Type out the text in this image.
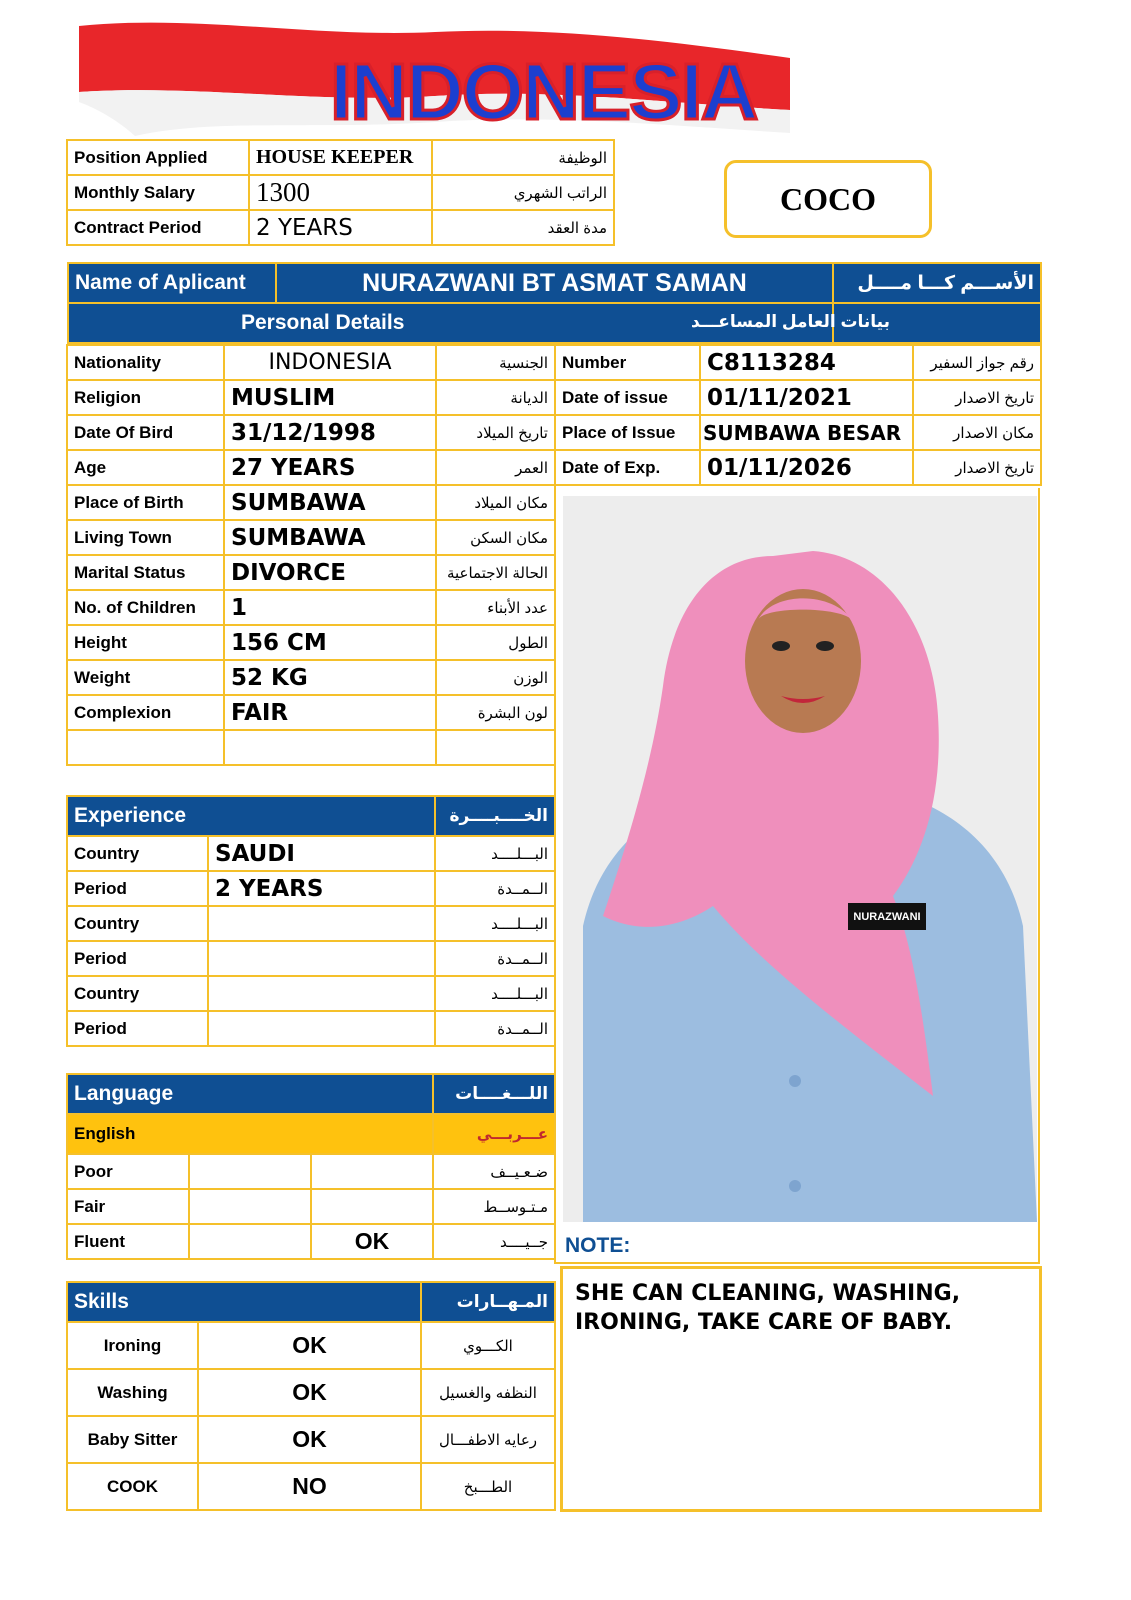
INDONESIA
Position Applied	HOUSE KEEPER	الوظيفة
Monthly Salary	1300	الراتب الشهري
Contract Period	2 YEARS	مدة العقد
COCO
Name of Aplicant	NURAZWANI BT ASMAT SAMAN	الأســـم كـــا مــــل
Personal Details			بيانات العامل المساعـــد
Nationality	INDONESIA	الجنسية
Religion	MUSLIM	الديانة
Date Of Bird	31/12/1998	تاريخ الميلاد
Age	27 YEARS	العمر
Place of Birth	SUMBAWA	مكان الميلاد
Living Town	SUMBAWA	مكان السكن
Marital Status	DIVORCE	الحالة الاجتماعية
No. of Children	1	عدد الأبناء
Height	156 CM	الطول
Weight	52 KG	الوزن
Complexion	FAIR	لون البشرة

Number	C8113284	رقم جواز السفير
Date of issue	01/11/2021	تاريخ الاصدار
Place of Issue	SUMBAWA BESAR	مكان الاصدار
Date of Exp.	01/11/2026	تاريخ الاصدار
NURAZWANI
Experience		الخــــبــــرة
Country	SAUDI	البـــلــــد
Period	2 YEARS	الــمــدة
Country		البـــلــــد
Period		الــمــدة
Country		البـــلــــد
Period		الــمــدة
Language			اللـــغــــات
English			عـــربـــي
Poor			ضـعـيــف
Fair			مـتـوســط
Fluent		OK	جــيــــد
Skills		المـهــارات
Ironing	OK	الكـــوي
Washing	OK	النظفه والغسيل
Baby Sitter	OK	رعايه الاطفـــال
COOK	NO	الطـــبخ
NOTE:
SHE CAN CLEANING, WASHING, IRONING, TAKE CARE OF BABY.
